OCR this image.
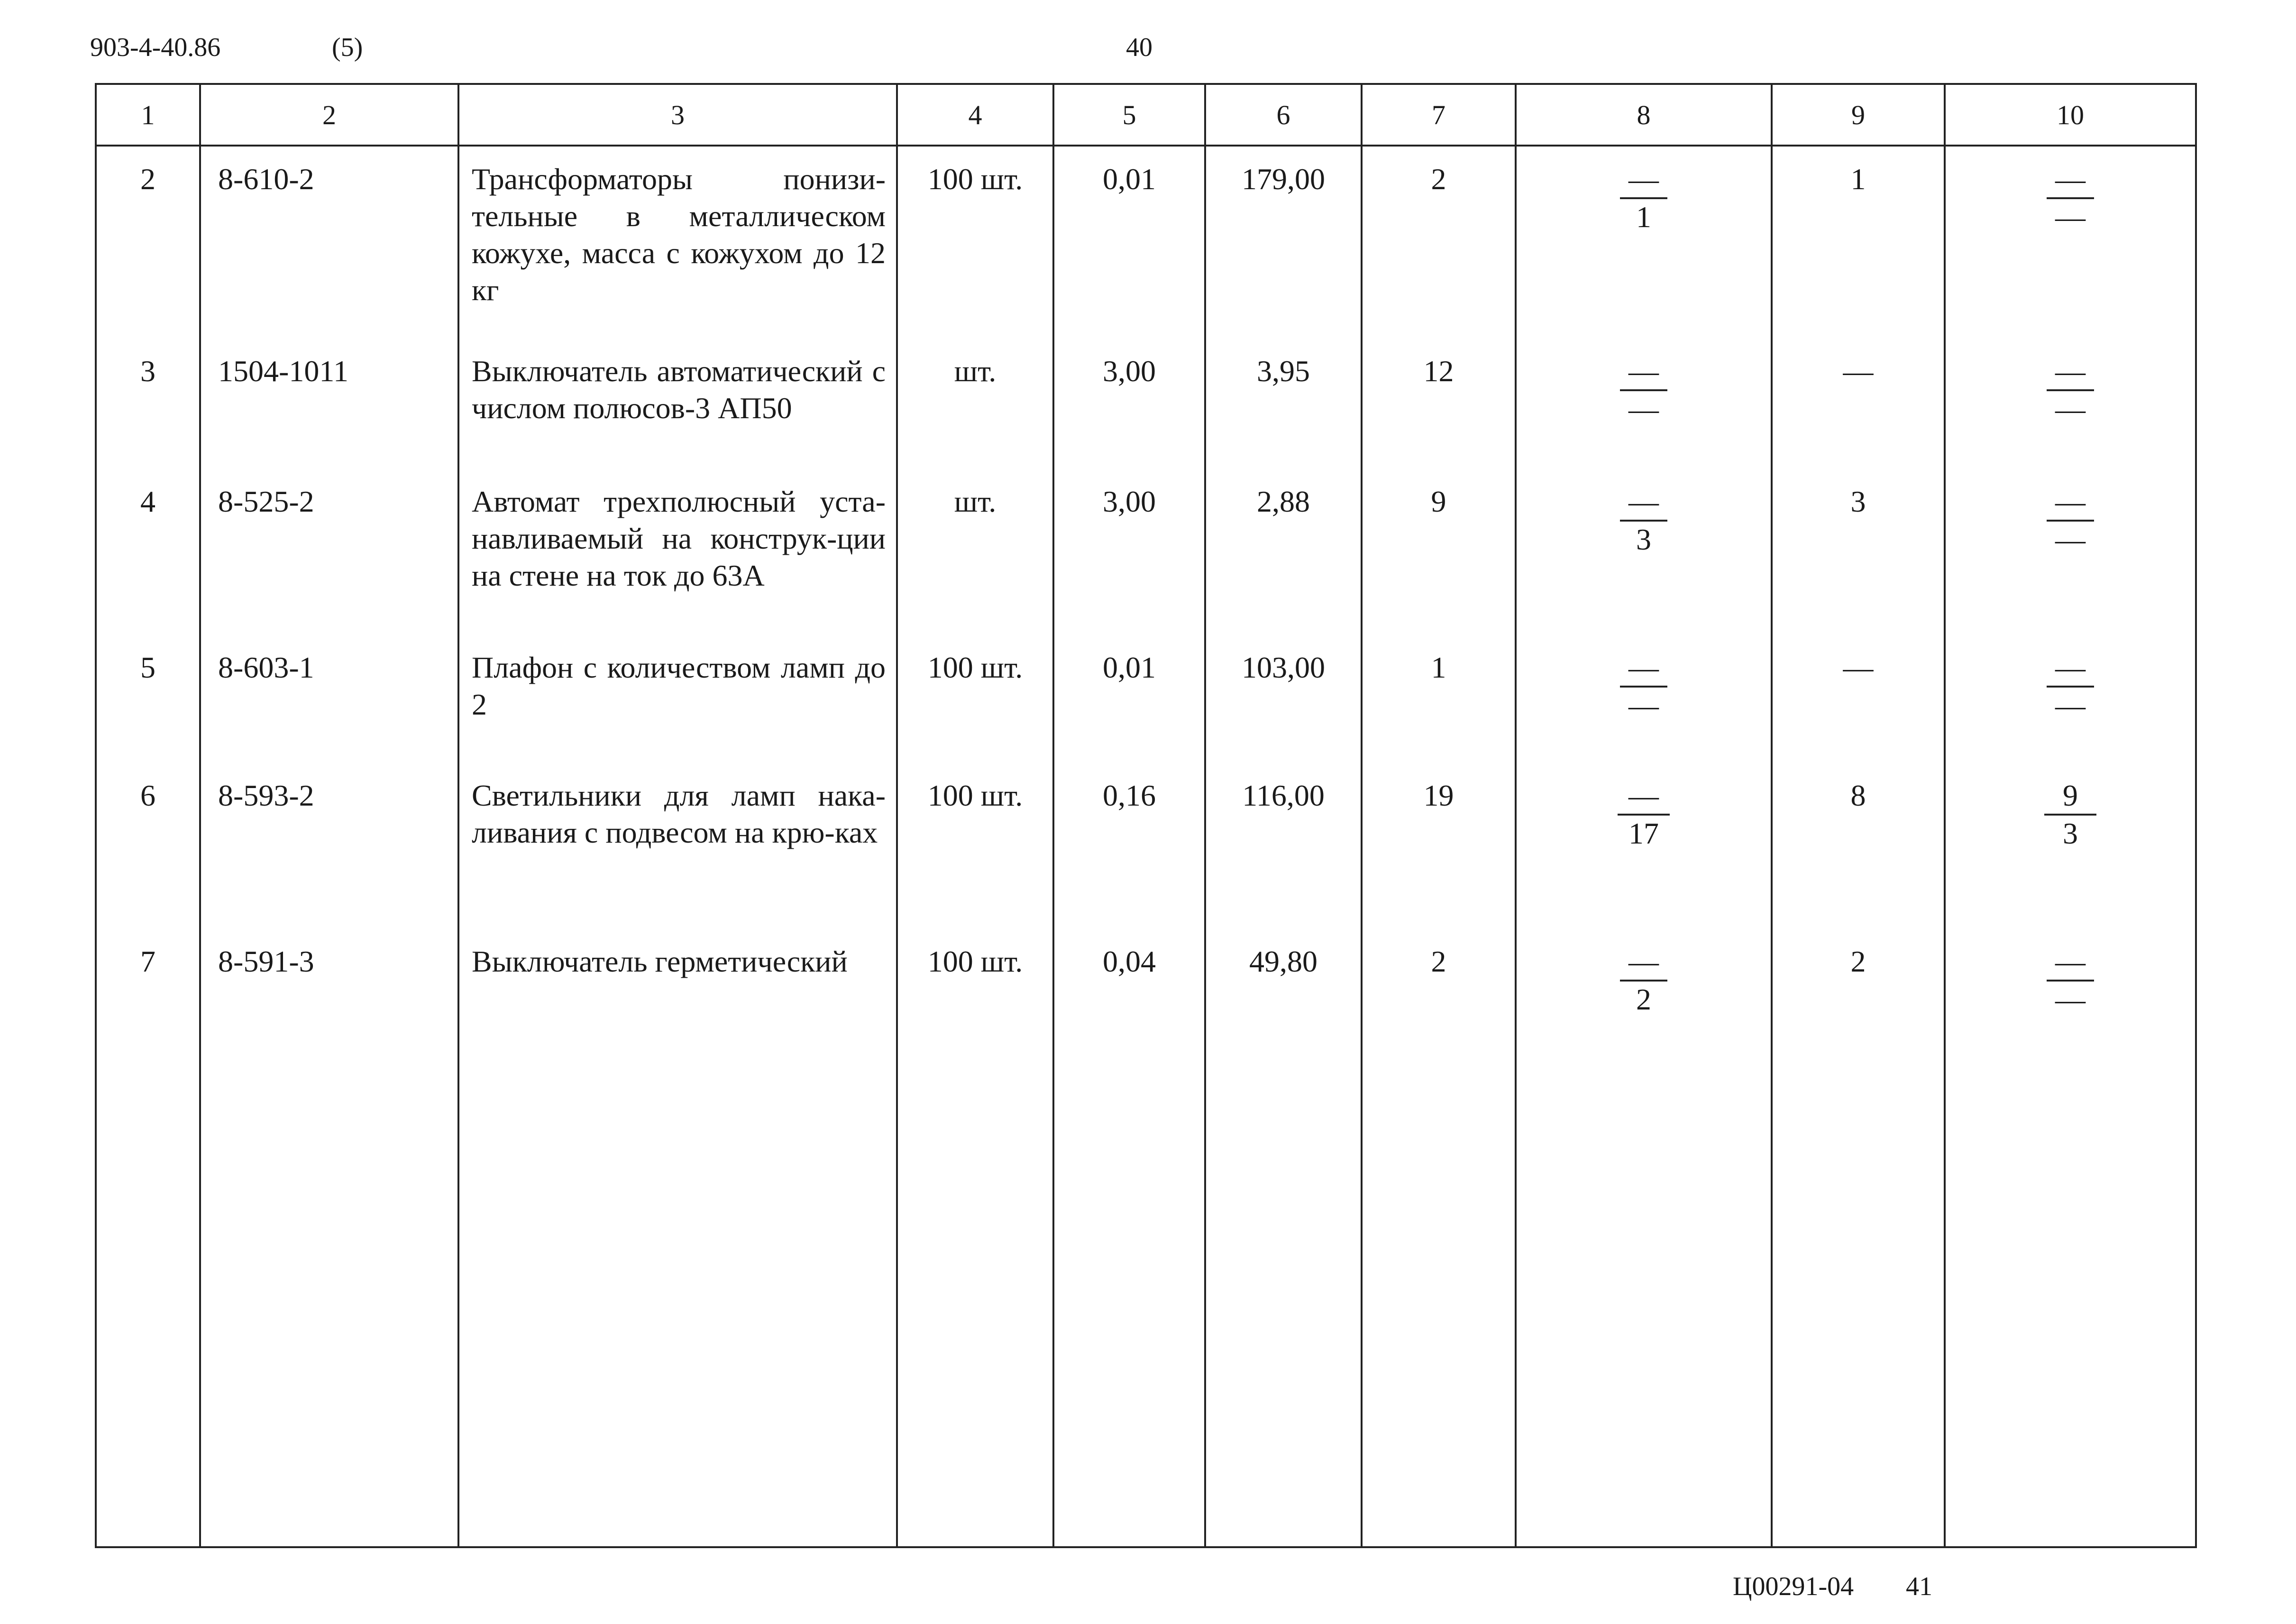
903-4-40.86	(5)	40
1	2	3	4	5	6	7	8	9	10
2	8-610-2	Трансформаторы понизи-тельные в металлическом кожухе, масса с кожухом до 12 кг	100 шт.	0,01	179,00	2	$\frac{—}{1}$	1	$\frac{—}{—}$

3	1504-1011	Выключатель автоматический с числом полюсов-3 АП50	шт.	3,00	3,95	12	$\frac{—}{—}$	—	$\frac{—}{—}$

4	8-525-2	Автомат трехполюсный уста-навливаемый на конструк-ции на стене на ток до 63А	шт.	3,00	2,88	9	$\frac{—}{3}$	3	$\frac{—}{—}$

5	8-603-1	Плафон с количеством ламп до 2	100 шт.	0,01	103,00	1	$\frac{—}{—}$	—	$\frac{—}{—}$

6	8-593-2	Светильники для ламп нака-ливания с подвесом на крю-ках	100 шт.	0,16	116,00	19	$\frac{—}{17}$	8	$\frac{9}{3}$

7	8-591-3	Выключатель герметический	100 шт.	0,04	49,80	2	$\frac{—}{2}$	2	$\frac{—}{—}$
Ц00291-04 41
